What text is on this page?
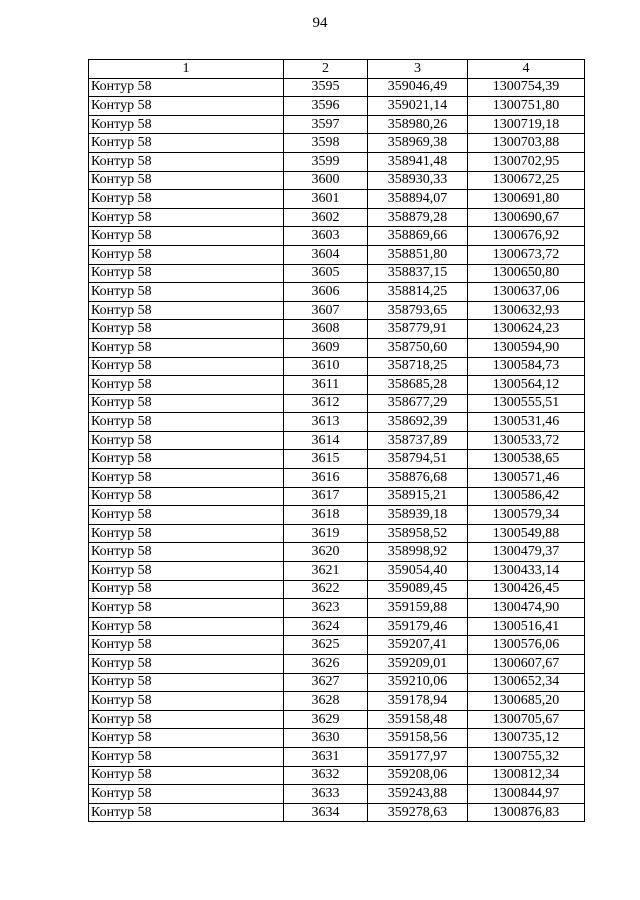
94
1	2	3	4
Контур 58	3595	359046,49	1300754,39
Контур 58	3596	359021,14	1300751,80
Контур 58	3597	358980,26	1300719,18
Контур 58	3598	358969,38	1300703,88
Контур 58	3599	358941,48	1300702,95
Контур 58	3600	358930,33	1300672,25
Контур 58	3601	358894,07	1300691,80
Контур 58	3602	358879,28	1300690,67
Контур 58	3603	358869,66	1300676,92
Контур 58	3604	358851,80	1300673,72
Контур 58	3605	358837,15	1300650,80
Контур 58	3606	358814,25	1300637,06
Контур 58	3607	358793,65	1300632,93
Контур 58	3608	358779,91	1300624,23
Контур 58	3609	358750,60	1300594,90
Контур 58	3610	358718,25	1300584,73
Контур 58	3611	358685,28	1300564,12
Контур 58	3612	358677,29	1300555,51
Контур 58	3613	358692,39	1300531,46
Контур 58	3614	358737,89	1300533,72
Контур 58	3615	358794,51	1300538,65
Контур 58	3616	358876,68	1300571,46
Контур 58	3617	358915,21	1300586,42
Контур 58	3618	358939,18	1300579,34
Контур 58	3619	358958,52	1300549,88
Контур 58	3620	358998,92	1300479,37
Контур 58	3621	359054,40	1300433,14
Контур 58	3622	359089,45	1300426,45
Контур 58	3623	359159,88	1300474,90
Контур 58	3624	359179,46	1300516,41
Контур 58	3625	359207,41	1300576,06
Контур 58	3626	359209,01	1300607,67
Контур 58	3627	359210,06	1300652,34
Контур 58	3628	359178,94	1300685,20
Контур 58	3629	359158,48	1300705,67
Контур 58	3630	359158,56	1300735,12
Контур 58	3631	359177,97	1300755,32
Контур 58	3632	359208,06	1300812,34
Контур 58	3633	359243,88	1300844,97
Контур 58	3634	359278,63	1300876,83
